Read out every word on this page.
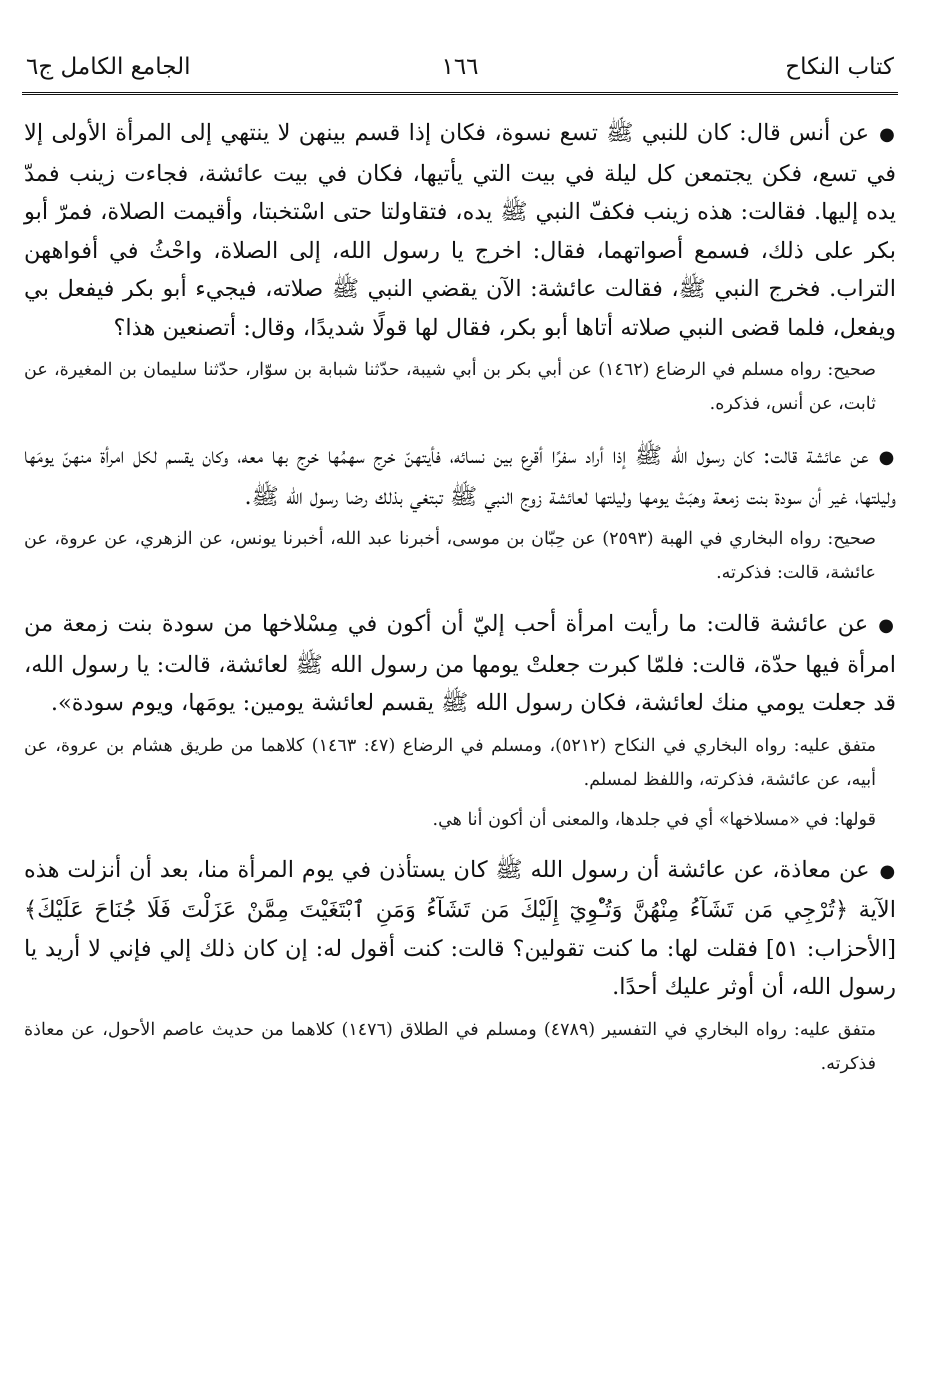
كتاب النكاح
١٦٦
الجامع الكامل ج٦

●عن أنس قال: كان للنبي ﷺ تسع نسوة، فكان إذا قسم بينهن لا ينتهي إلى المرأة الأولى إلا في تسع، فكن يجتمعن كل ليلة في بيت التي يأتيها، فكان في بيت عائشة، فجاءت زينب فمدّ يده إليها. فقالت: هذه زينب فكفّ النبي ﷺ يده، فتقاولتا حتى اسْتخبتا، وأقيمت الصلاة، فمرّ أبو بكر على ذلك، فسمع أصواتهما، فقال: اخرج يا رسول الله، إلى الصلاة، واحْثُ في أفواههن التراب. فخرج النبي ﷺ، فقالت عائشة: الآن يقضي النبي ﷺ صلاته، فيجيء أبو بكر فيفعل بي ويفعل، فلما قضى النبي صلاته أتاها أبو بكر، فقال لها قولًا شديدًا، وقال: أتصنعين هذا؟

صحيح: رواه مسلم في الرضاع (١٤٦٢) عن أبي بكر بن أبي شيبة، حدّثنا شبابة بن سوّار، حدّثنا سليمان بن المغيرة، عن ثابت، عن أنس، فذكره.

●عن عائشة قالت: كان رسول الله ﷺ إذا أراد سفرًا أقرع بين نسائه، فأيتهنّ خرج سهمُها خرج بها معه، وكان يقسم لكل امرأة منهنّ يومَها وليلتها، غير أن سودة بنت زمعة وهبَتْ يومها وليلتها لعائشة زوج النبي ﷺ تبتغي بذلك رضا رسول الله ﷺ.

صحيح: رواه البخاري في الهبة (٢٥٩٣) عن حِبّان بن موسى، أخبرنا عبد الله، أخبرنا يونس، عن الزهري، عن عروة، عن عائشة، قالت: فذكرته.

●عن عائشة قالت: ما رأيت امرأة أحب إليّ أن أكون في مِسْلاخها من سودة بنت زمعة من امرأة فيها حدّة، قالت: فلمّا كبرت جعلتْ يومها من رسول الله ﷺ لعائشة، قالت: يا رسول الله، قد جعلت يومي منك لعائشة، فكان رسول الله ﷺ يقسم لعائشة يومين: يومَها، ويوم سودة».

متفق عليه: رواه البخاري في النكاح (٥٢١٢)، ومسلم في الرضاع (٤٧: ١٤٦٣) كلاهما من طريق هشام بن عروة، عن أبيه، عن عائشة، فذكرته، واللفظ لمسلم.

قولها: في «مسلاخها» أي في جلدها، والمعنى أن أكون أنا هي.

●عن معاذة، عن عائشة أن رسول الله ﷺ كان يستأذن في يوم المرأة منا، بعد أن أنزلت هذه الآية ﴿تُرْجِي مَن تَشَآءُ مِنْهُنَّ وَتُـْٔوِيٓ إِلَيْكَ مَن تَشَآءُ وَمَنِ ٱبْتَغَيْتَ مِمَّنْ عَزَلْتَ فَلَا جُنَاحَ عَلَيْكَ﴾ [الأحزاب: ٥١] فقلت لها: ما كنت تقولين؟ قالت: كنت أقول له: إن كان ذلك إلي فإني لا أريد يا رسول الله، أن أوثر عليك أحدًا.

متفق عليه: رواه البخاري في التفسير (٤٧٨٩) ومسلم في الطلاق (١٤٧٦) كلاهما من حديث عاصم الأحول، عن معاذة فذكرته.
